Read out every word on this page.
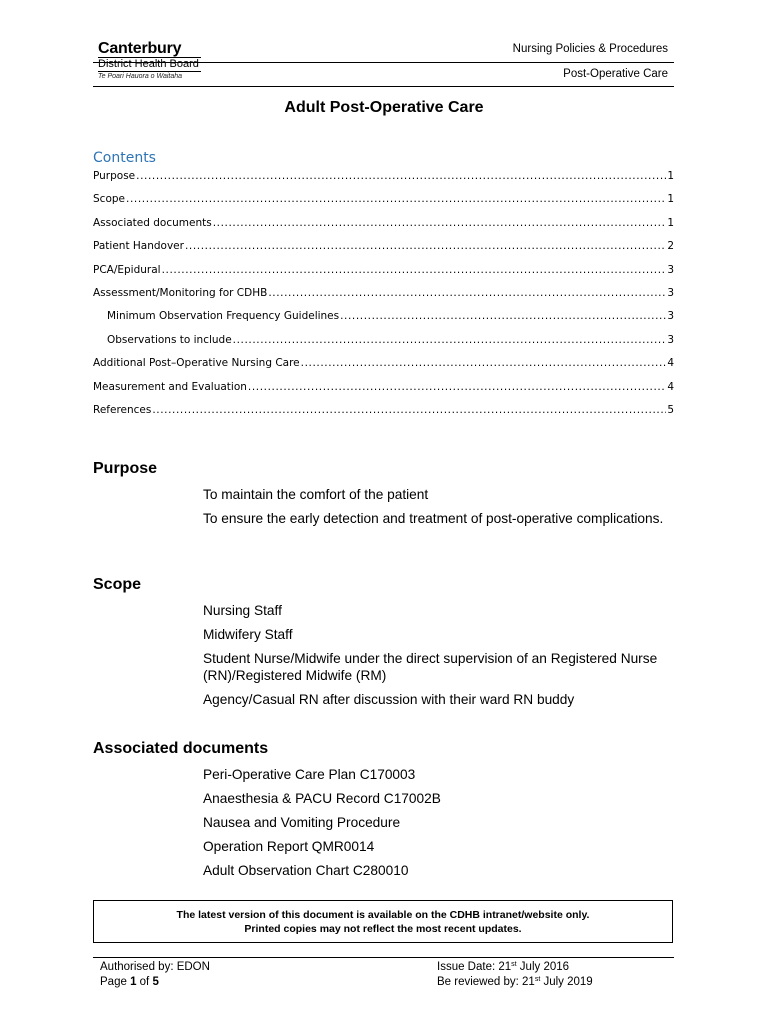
Canterbury
District Health Board
Te Poari Hauora o Waitaha
Nursing Policies & Procedures
Post-Operative Care
Adult Post-Operative Care
Contents
Purpose .....	1
Scope .....	1
Associated documents .....	1
Patient Handover .....	2
PCA/Epidural .....	3
Assessment/Monitoring for CDHB .....	3
Minimum Observation Frequency Guidelines .....	3
Observations to include .....	3
Additional Post–Operative Nursing Care .....	4
Measurement and Evaluation .....	4
References .....	5
Purpose
To maintain the comfort of the patient
To ensure the early detection and treatment of post-operative complications.
Scope
Nursing Staff
Midwifery Staff
Student Nurse/Midwife under the direct supervision of an Registered Nurse (RN)/Registered Midwife (RM)
Agency/Casual RN after discussion with their ward RN buddy
Associated documents
Peri-Operative Care Plan C170003
Anaesthesia & PACU Record C17002B
Nausea and Vomiting Procedure
Operation Report QMR0014
Adult Observation Chart C280010
The latest version of this document is available on the CDHB intranet/website only.
Printed copies may not reflect the most recent updates.
Authorised by: EDON
Page 1 of 5
Issue Date: 21st July 2016
Be reviewed by: 21st July 2019
